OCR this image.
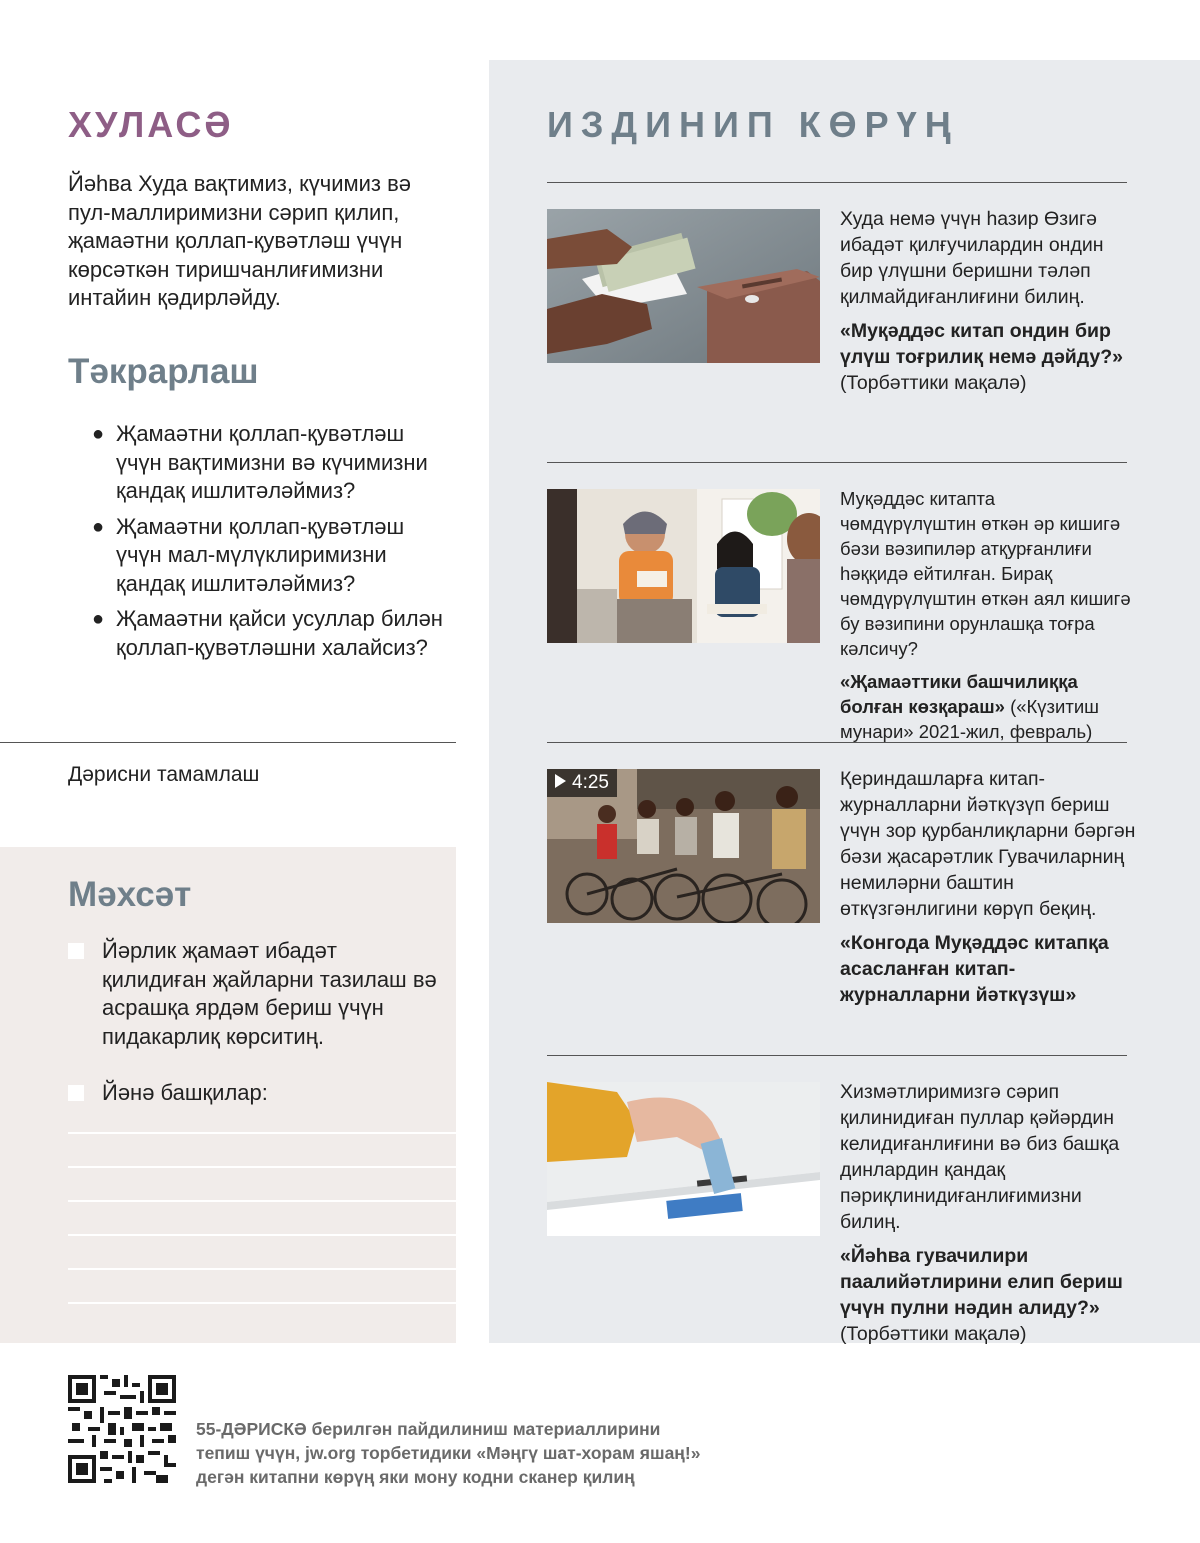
ХУЛАСӘ

Йәһва Худа вақтимиз, күчимиз вә пул-маллиримизни сәрип қилип, җамаәтни қоллап-қувәтләш үчүн көрсәткән тиришчанлиғимизни интайин қәдирләйду.

Тәкрарлаш
● Җамаәтни қоллап-қувәтләш үчүн вақтимизни вә күчимизни қандақ ишлитәләймиз?
● Җамаәтни қоллап-қувәтләш үчүн мал-мүлүклиримизни қандақ ишлитәләймиз?
● Җамаәтни қайси усуллар билән қоллап-қувәтләшни халайсиз?
Дәрисни тамамлаш
Мәхсәт
Йәрлик җамаәт ибадәт қилидиған җайларни тазилаш вә асрашқа ярдәм бериш үчүн пидакарлиқ көрситиң.
Йәнә башқилар:
ИЗДИНИП КӨРҮҢ
Худа немә үчүн һазир Өзигә ибадәт қилғучилардин ондин бир үлүшни беришни тәләп қилмайдиғанлиғини билиң.
«Муқәддәс китап ондин бир үлүш тоғрилиқ немә дәйду?»
(Торбәттики мақалә)
Муқәддәс китапта чөмдүрүлүштин өткән әр кишигә бәзи вәзипиләр атқурғанлиғи һәққидә ейтилған. Бирақ чөмдүрүлүштин өткән аял кишигә бу вәзипини орунлашқа тоғра кәлсичу?
«Җамаәттики башчилиққа болған көзқараш» («Күзитиш мунари» 2021-жил, февраль)
4:25	Қериндашларға китап-журналларни йәткүзүп бериш үчүн зор қурбанлиқларни бәргән бәзи җасарәтлик Гувачиларниң немиләрни баштин өткүзгәнлигини көрүп беқиң.
«Конгода Муқәддәс китапқа асасланған китап-журналларни йәткүзүш»
Хизмәтлиримизгә сәрип қилинидиған пуллар қәйәрдин келидиғанлиғини вә биз башқа динлардин қандақ пәриқлинидиғанлиғимизни билиң.
«Йәһва гувачилири паалийәтлирини елип бериш үчүн пулни нәдин алиду?»
(Торбәттики мақалә)

55-ДӘРИСКӘ берилгән пайдилиниш материаллирини тепиш үчүн, jw.org торбетидики «Мәңгү шат-хорам яшаң!» дегән китапни көрүң яки мону кодни сканер қилиң
